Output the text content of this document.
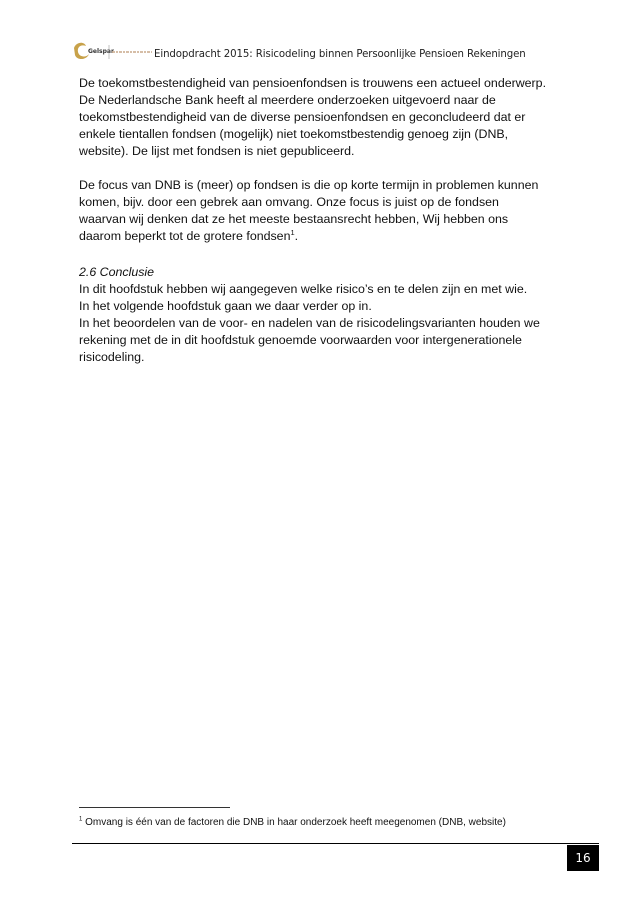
Gelspar	Eindopdracht 2015: Risicodeling binnen Persoonlijke Pensioen Rekeningen

De toekomstbestendigheid van pensioenfondsen is trouwens een actueel onderwerp.
De Nederlandsche Bank heeft al meerdere onderzoeken uitgevoerd naar de
toekomstbestendigheid van de diverse pensioenfondsen en geconcludeerd dat er
enkele tientallen fondsen (mogelijk) niet toekomstbestendig genoeg zijn (DNB,
website). De lijst met fondsen is niet gepubliceerd.

De focus van DNB is (meer) op fondsen is die op korte termijn in problemen kunnen
komen, bijv. door een gebrek aan omvang. Onze focus is juist op de fondsen
waarvan wij denken dat ze het meeste bestaansrecht hebben, Wij hebben ons
daarom beperkt tot de grotere fondsen$^1$.

2.6 Conclusie
In dit hoofdstuk hebben wij aangegeven welke risico’s en te delen zijn en met wie.
In het volgende hoofdstuk gaan we daar verder op in.
In het beoordelen van de voor- en nadelen van de risicodelingsvarianten houden we
rekening met de in dit hoofdstuk genoemde voorwaarden voor intergenerationele
risicodeling.
$^1$ Omvang is één van de factoren die DNB in haar onderzoek heeft meegenomen (DNB, website)
16
